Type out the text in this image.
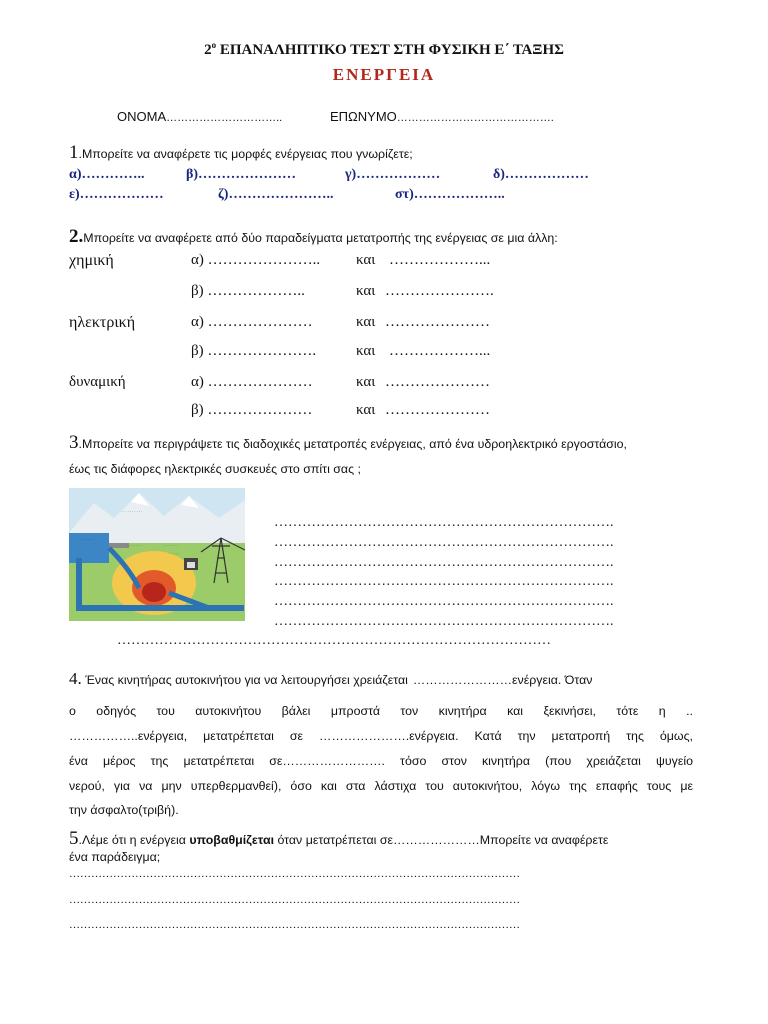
$2^o$ ΕΠΑΝΑΛΗΠΤΙΚΟ ΤΕΣΤ ΣΤΗ ΦΥΣΙΚΗ Ε΄ ΤΑΞΗΣ
ΕΝΕΡΓΕΙΑ
ΟΝΟΜΑ…………………………..	ΕΠΩΝΥΜΟ…………………………………….
1.Μπορείτε να αναφέρετε τις μορφές ενέργειας που γνωρίζετε;
α)…………..	β)…………………	γ)………………	δ)………………
ε)………………	ζ)…………………..	στ)………………..
2.Μπορείτε να αναφέρετε από δύο παραδείγματα μετατροπής της ενέργειας σε μια άλλη:
χημική	α) ………………….. και ………………...
β) ………………..	και ………………….
ηλεκτρική	α) …………………	και …………………
β) ………………….	και ………………...
δυναμική	α) …………………	και …………………
β) …………………	και …………………
3.Μπορείτε να περιγράψετε τις διαδοχικές μετατροπές ενέργειας, από ένα υδροηλεκτρικό εργοστάσιο,
έως τις διάφορες ηλεκτρικές συσκευές στο σπίτι σας ;
. . . . . . . . . .
. . . . . .
. . . . . . .	. . . . . . .
. . . . .
……………………………………………………………….
……………………………………………………………….
……………………………………………………………….
……………………………………………………………….
……………………………………………………………….
……………………………………………………………….
…………………………………………………………………………………
4. Ένας κινητήρας αυτοκινήτου για να λειτουργήσει χρειάζεται ……………………ενέργεια. Όταν
ο οδηγός του αυτοκινήτου βάλει μπροστά τον κινητήρα και ξεκινήσει, τότε η ..
……………..ενέργεια, μετατρέπεται σε ………………….ενέργεια. Κατά την μετατροπή της όμως,
ένα μέρος της μετατρέπεται σε……………………. τόσο στον κινητήρα (που χρειάζεται ψυγείο
νερού, για να μην υπερθερμανθεί), όσο και στα λάστιχα του αυτοκινήτου, λόγω της επαφής τους με
την άσφαλτο(τριβή).
5.Λέμε ότι η ενέργεια υποβαθμίζεται όταν μετατρέπεται σε…………………Μπορείτε να αναφέρετε
ένα παράδειγμα;
……………………………………………………………………………………………………………
……………………………………………………………………………………………………………
……………………………………………………………………………………………………………
